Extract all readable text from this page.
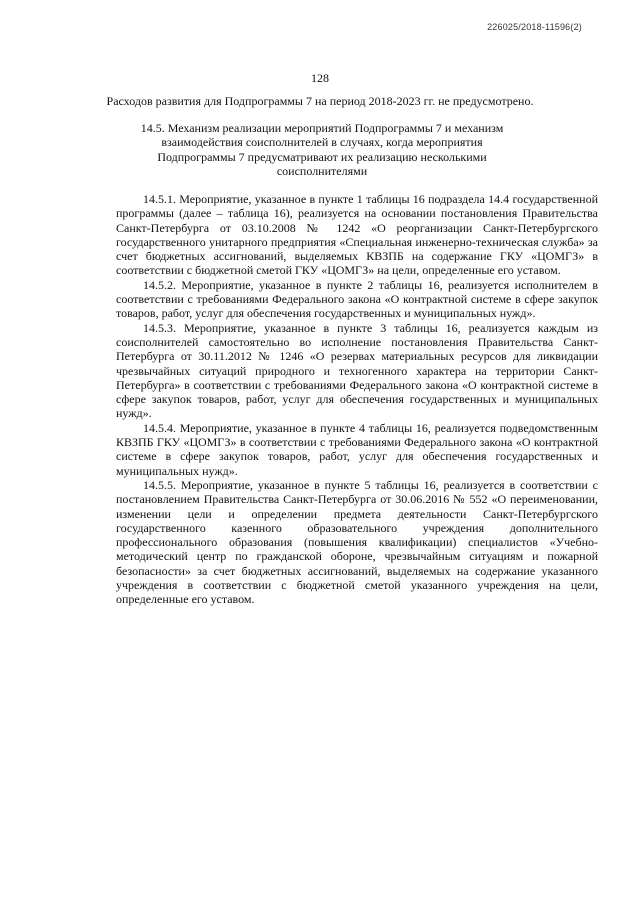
226025/2018-11596(2)
128
Расходов развития для Подпрограммы 7 на период 2018-2023 гг. не предусмотрено.
14.5. Механизм реализации мероприятий Подпрограммы 7 и механизм взаимодействия соисполнителей в случаях, когда мероприятия Подпрограммы 7 предусматривают их реализацию несколькими соисполнителями

14.5.1. Мероприятие, указанное в пункте 1 таблицы 16 подраздела 14.4 государственной программы (далее – таблица 16), реализуется на основании постановления Правительства Санкт-Петербурга от 03.10.2008 № 1242 «О реорганизации Санкт-Петербургского государственного унитарного предприятия «Специальная инженерно-техническая служба» за счет бюджетных ассигнований, выделяемых КВЗПБ на содержание ГКУ «ЦОМГЗ» в соответствии с бюджетной сметой ГКУ «ЦОМГЗ» на цели, определенные его уставом.

14.5.2. Мероприятие, указанное в пункте 2 таблицы 16, реализуется исполнителем в соответствии с требованиями Федерального закона «О контрактной системе в сфере закупок товаров, работ, услуг для обеспечения государственных и муниципальных нужд».

14.5.3. Мероприятие, указанное в пункте 3 таблицы 16, реализуется каждым из соисполнителей самостоятельно во исполнение постановления Правительства Санкт-Петербурга от 30.11.2012 № 1246 «О резервах материальных ресурсов для ликвидации чрезвычайных ситуаций природного и техногенного характера на территории Санкт-Петербурга» в соответствии с требованиями Федерального закона «О контрактной системе в сфере закупок товаров, работ, услуг для обеспечения государственных и муниципальных нужд».

14.5.4. Мероприятие, указанное в пункте 4 таблицы 16, реализуется подведомственным КВЗПБ ГКУ «ЦОМГЗ» в соответствии с требованиями Федерального закона «О контрактной системе в сфере закупок товаров, работ, услуг для обеспечения государственных и муниципальных нужд».

14.5.5. Мероприятие, указанное в пункте 5 таблицы 16, реализуется в соответствии с постановлением Правительства Санкт-Петербурга от 30.06.2016 № 552 «О переименовании, изменении цели и определении предмета деятельности Санкт-Петербургского государственного казенного образовательного учреждения дополнительного профессионального образования (повышения квалификации) специалистов «Учебно-методический центр по гражданской обороне, чрезвычайным ситуациям и пожарной безопасности» за счет бюджетных ассигнований, выделяемых на содержание указанного учреждения в соответствии с бюджетной сметой указанного учреждения на цели, определенные его уставом.
